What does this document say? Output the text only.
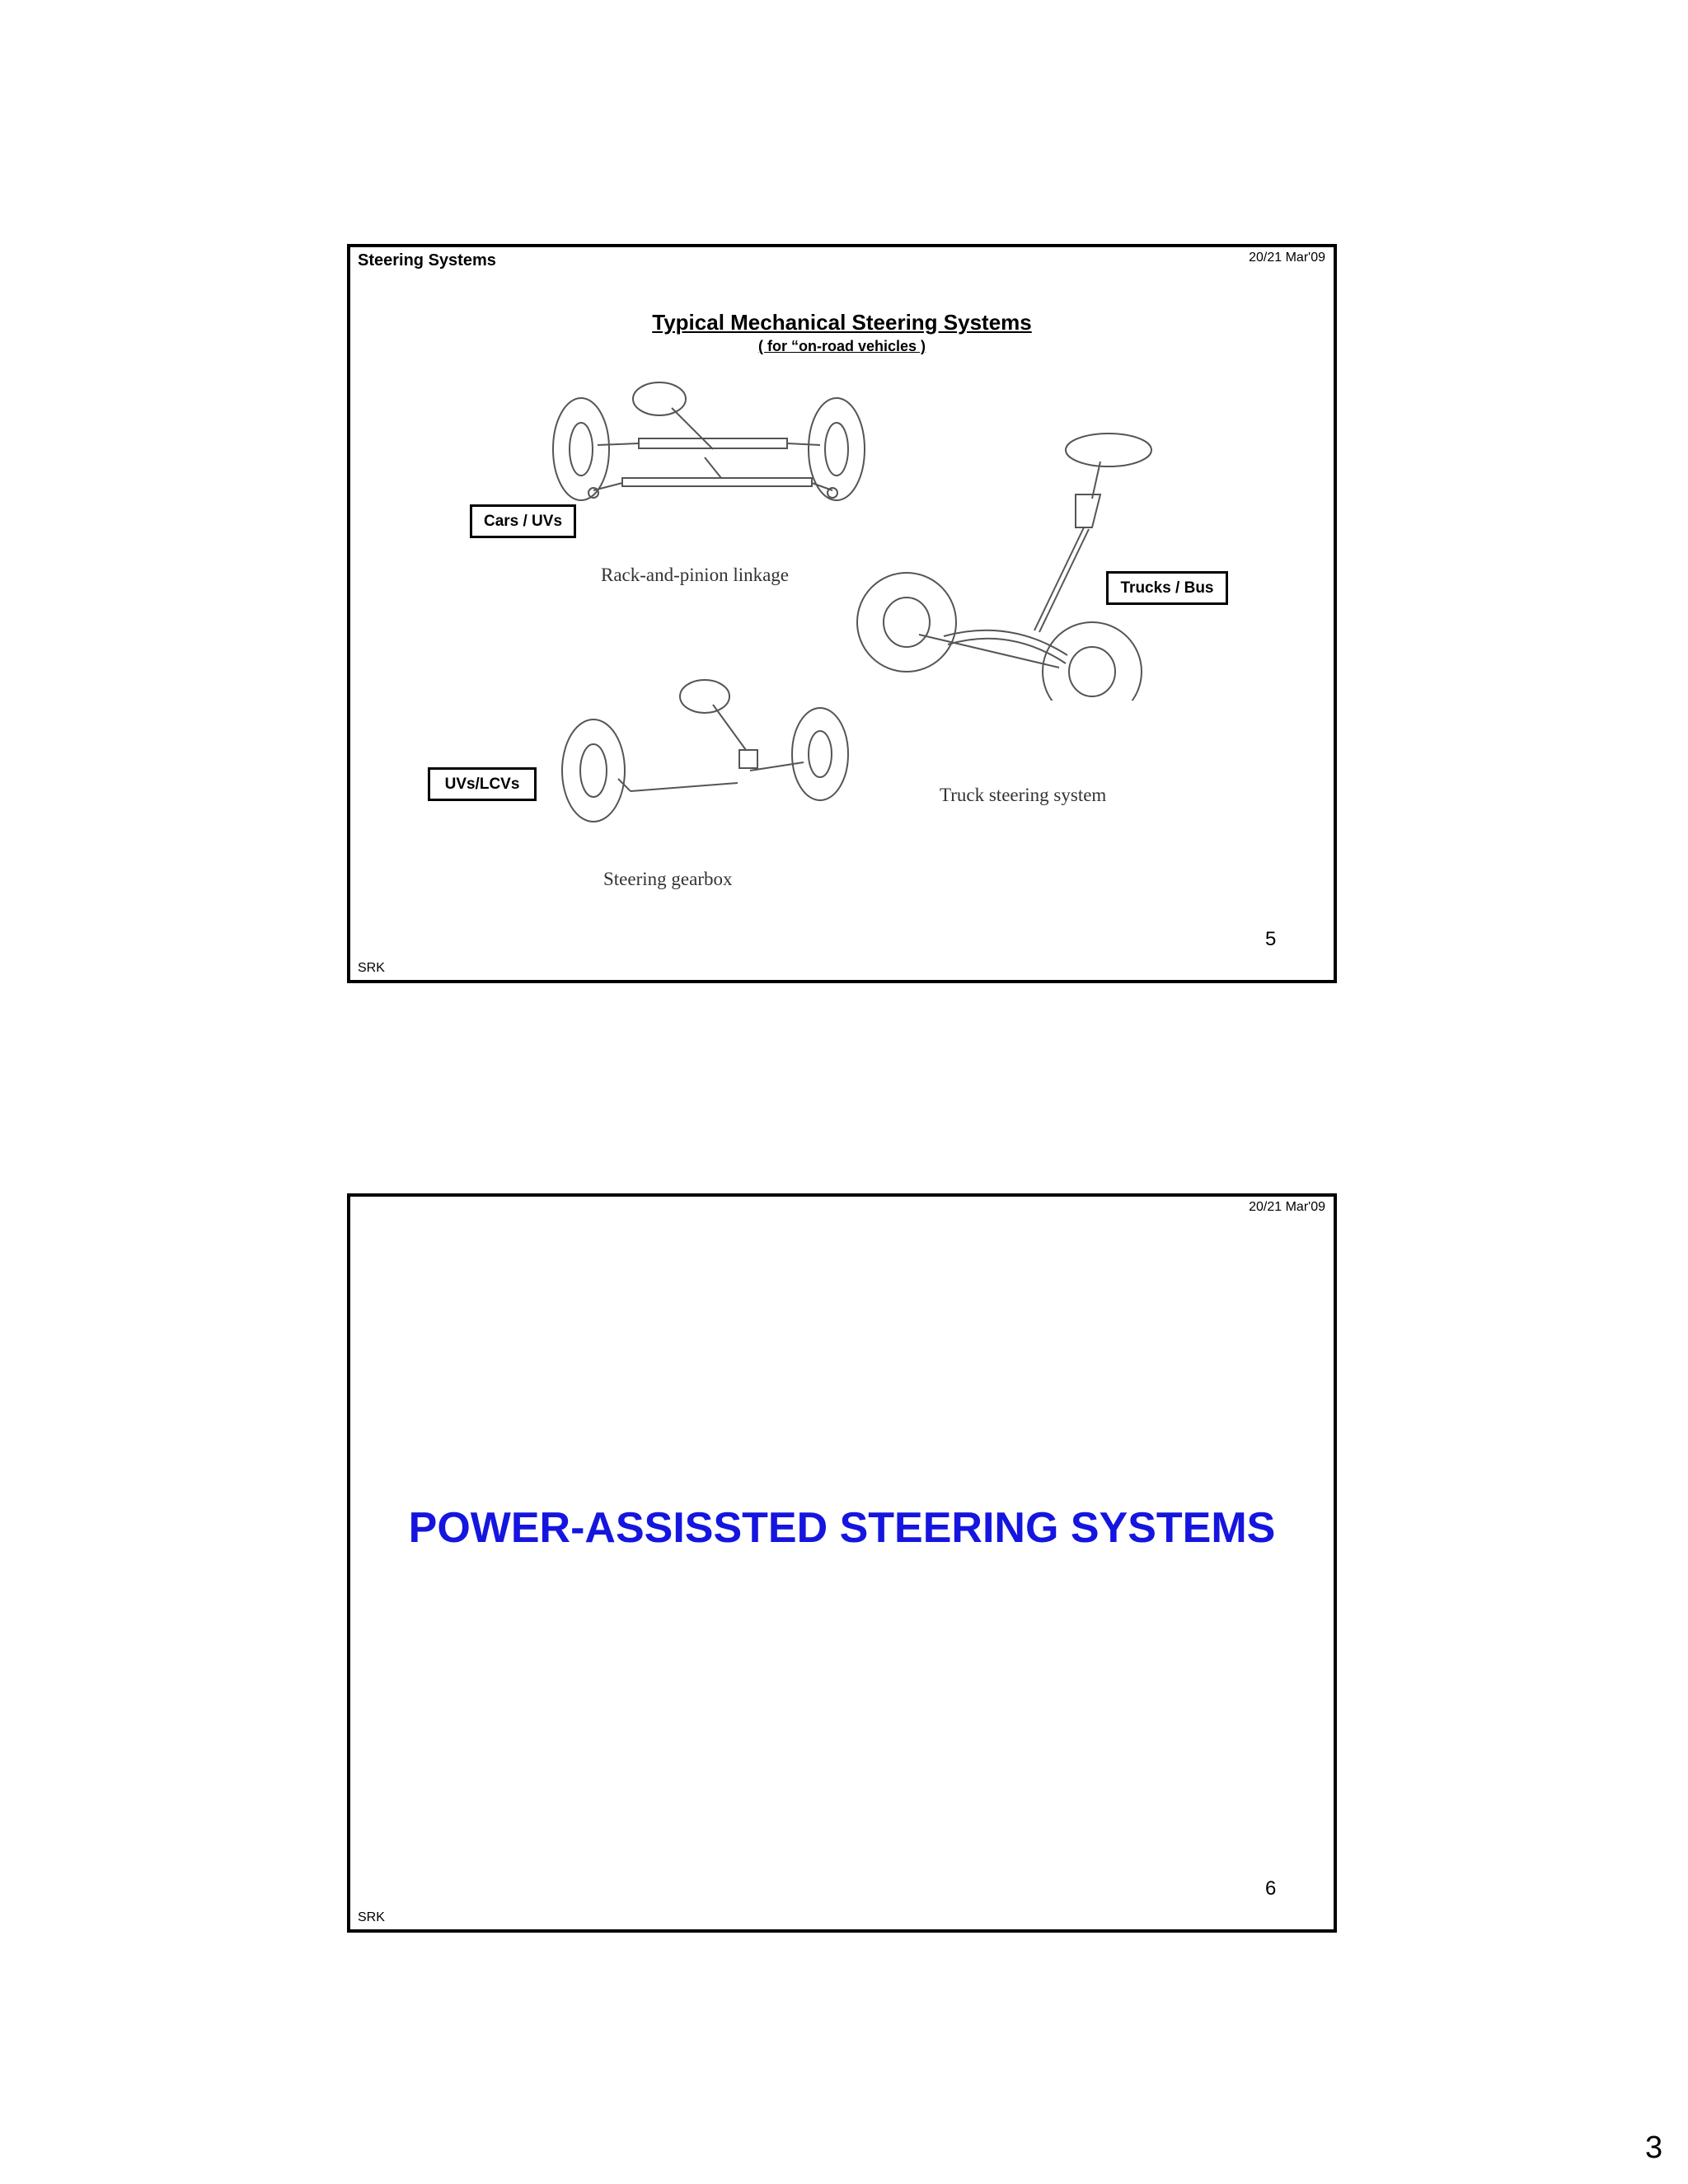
Steering Systems	20/21 Mar'09
Typical Mechanical Steering Systems
( for “on-road vehicles )
Cars / UVs
Rack-and-pinion linkage
Trucks / Bus
Truck steering system
UVs/LCVs
Steering gearbox
5
SRK
20/21 Mar'09
POWER-ASSISSTED STEERING SYSTEMS
6
SRK
3
